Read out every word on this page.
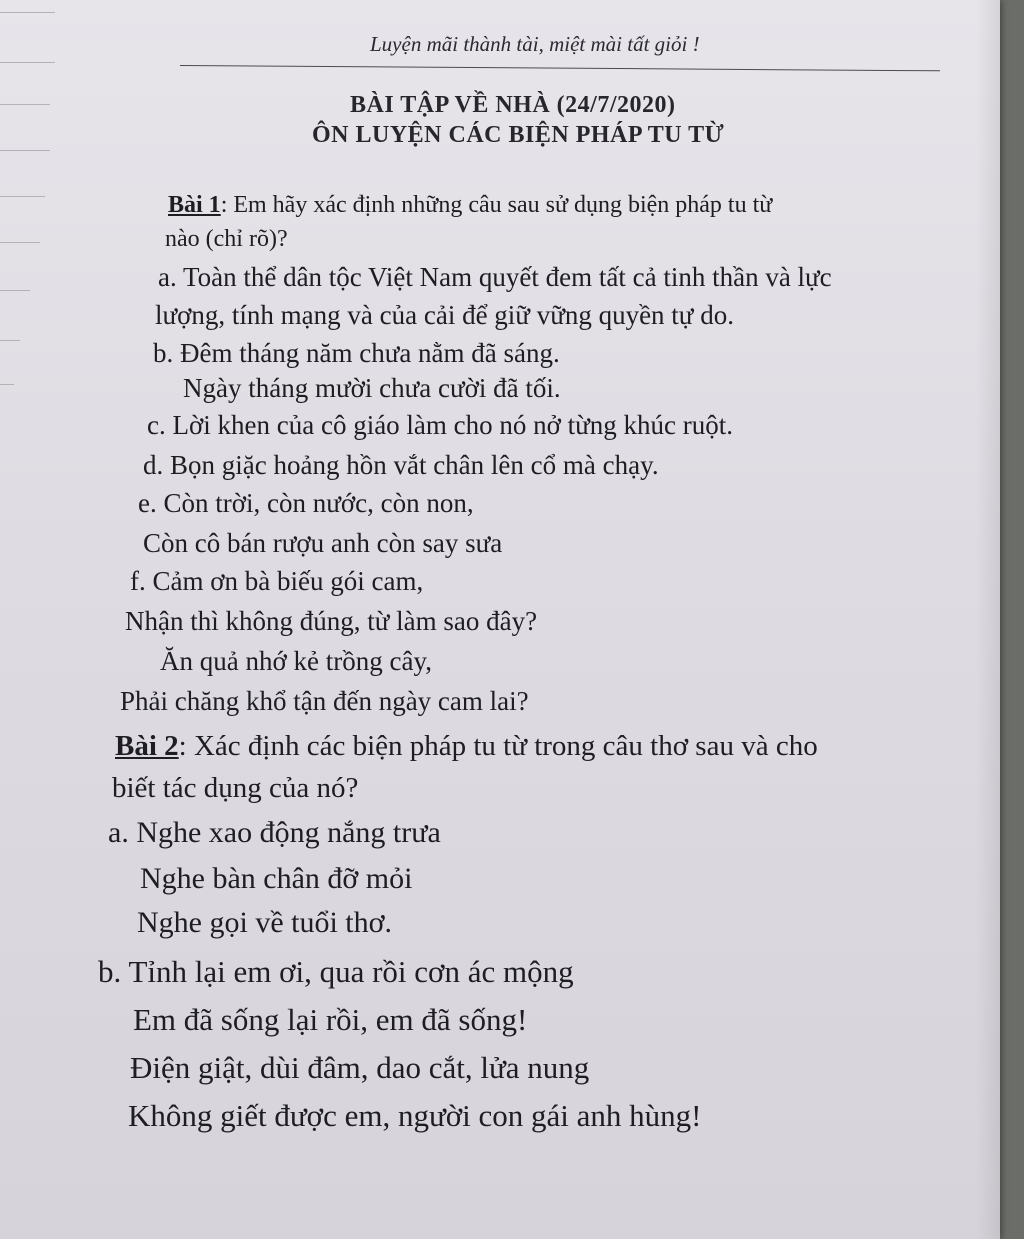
Luyện mãi thành tài, miệt mài tất giỏi !
BÀI TẬP VỀ NHÀ (24/7/2020)
ÔN LUYỆN CÁC BIỆN PHÁP TU TỪ
Bài 1: Em hãy xác định những câu sau sử dụng biện pháp tu từ
nào (chỉ rõ)?
a. Toàn thể dân tộc Việt Nam quyết đem tất cả tinh thần và lực
lượng, tính mạng và của cải để giữ vững quyền tự do.
b. Đêm tháng năm chưa nằm đã sáng.
Ngày tháng mười chưa cười đã tối.
c. Lời khen của cô giáo làm cho nó nở từng khúc ruột.
d. Bọn giặc hoảng hồn vắt chân lên cổ mà chạy.
e. Còn trời, còn nước, còn non,
Còn cô bán rượu anh còn say sưa
f. Cảm ơn bà biếu gói cam,
Nhận thì không đúng, từ làm sao đây?
Ăn quả nhớ kẻ trồng cây,
Phải chăng khổ tận đến ngày cam lai?
Bài 2: Xác định các biện pháp tu từ trong câu thơ sau và cho
biết tác dụng của nó?
a. Nghe xao động nắng trưa
Nghe bàn chân đỡ mỏi
Nghe gọi về tuổi thơ.
b. Tỉnh lại em ơi, qua rồi cơn ác mộng
Em đã sống lại rồi, em đã sống!
Điện giật, dùi đâm, dao cắt, lửa nung
Không giết được em, người con gái anh hùng!
